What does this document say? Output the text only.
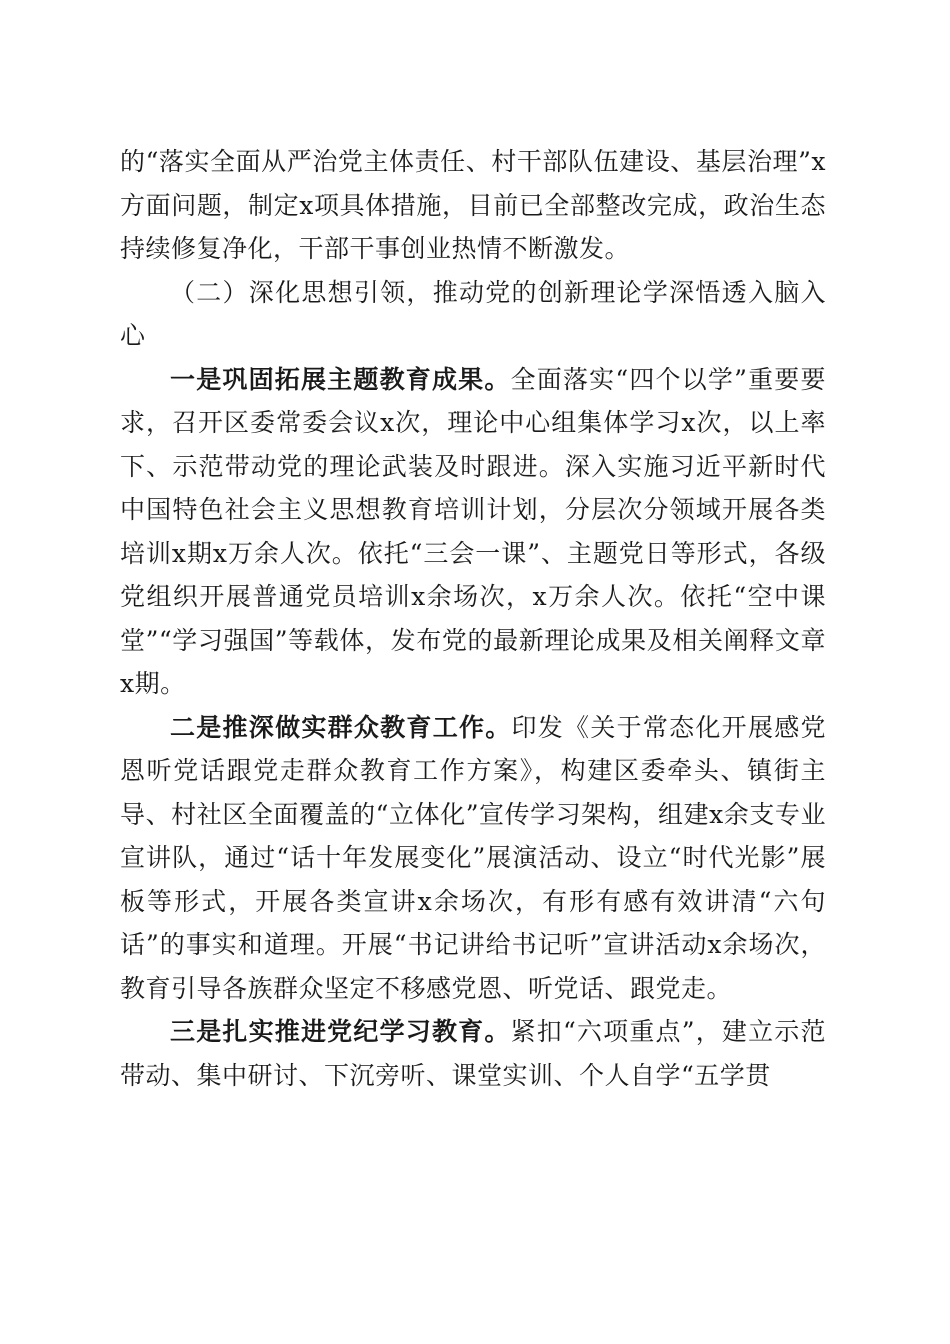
的“落实全面从严治党主体责任、村干部队伍建设、基层治理”x方面问题，制定x项具体措施，目前已全部整改完成，政治生态持续修复净化，干部干事创业热情不断激发。

（二）深化思想引领，推动党的创新理论学深悟透入脑入心

一是巩固拓展主题教育成果。全面落实“四个以学”重要要求，召开区委常委会议x次，理论中心组集体学习x次，以上率下、示范带动党的理论武装及时跟进。深入实施习近平新时代中国特色社会主义思想教育培训计划，分层次分领域开展各类培训x期x万余人次。依托“三会一课”、主题党日等形式，各级党组织开展普通党员培训x余场次，x万余人次。依托“空中课堂”“学习强国”等载体，发布党的最新理论成果及相关阐释文章x期。

二是推深做实群众教育工作。印发《关于常态化开展感党恩听党话跟党走群众教育工作方案》，构建区委牵头、镇街主导、村社区全面覆盖的“立体化”宣传学习架构，组建x余支专业宣讲队，通过“话十年发展变化”展演活动、设立“时代光影”展板等形式，开展各类宣讲x余场次，有形有感有效讲清“六句话”的事实和道理。开展“书记讲给书记听”宣讲活动x余场次，教育引导各族群众坚定不移感党恩、听党话、跟党走。

三是扎实推进党纪学习教育。紧扣“六项重点”，建立示范带动、集中研讨、下沉旁听、课堂实训、个人自学“五学贯
